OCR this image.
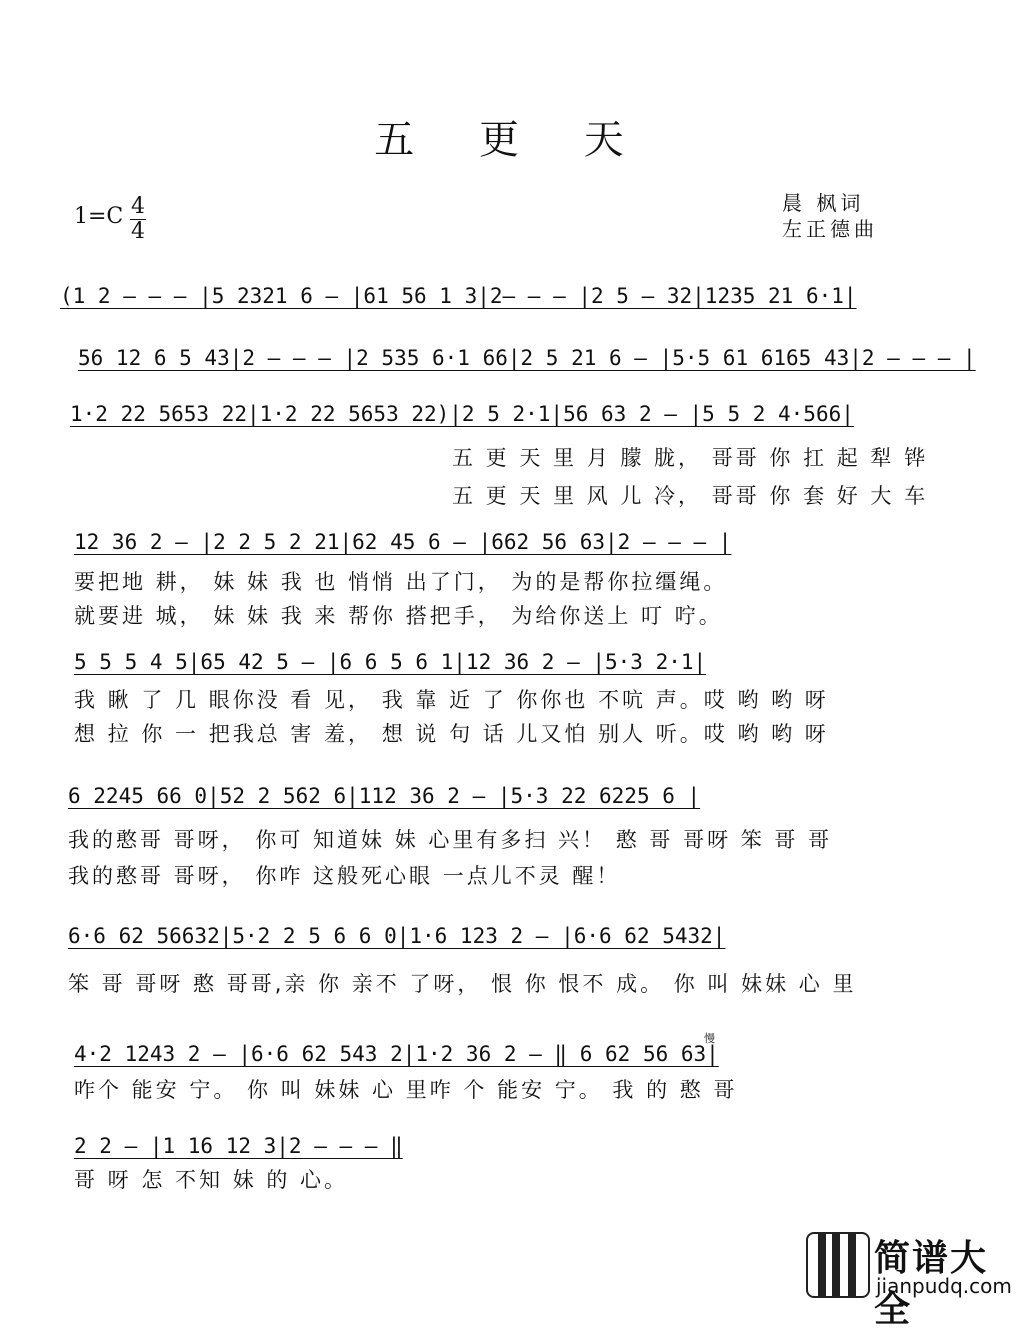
五 更 天
1=C 4
4
晨 枫词
左正德曲
(1 2 — — — |5 2321 6 — |61 56 1 3|2— — — |2 5 — 32|1235 21 6·1|
56 12 6 5 43|2 — — — |2 535 6·1 66|2 5 21 6 — |5·5 61 6165 43|2 — — — |
1·2 22 5653 22|1·2 22 5653 22)|2 5 2·1|56 63 2 — |5 5 2 4·566|
五 更 天 里 月 朦 胧， 哥哥 你 扛 起 犁 铧
五 更 天 里 风 儿 冷， 哥哥 你 套 好 大 车
12 36 2 — |2 2 5 2 21|62 45 6 — |662 56 63|2 — — — |
要把地 耕， 妹 妹 我 也 悄悄 出了门， 为的是帮你拉缰绳。
就要进 城， 妹 妹 我 来 帮你 搭把手， 为给你送上 叮 咛。
5 5 5 4 5|65 42 5 — |6 6 5 6 1|12 36 2 — |5·3 2·1|
我 瞅 了 几 眼你没 看 见， 我 靠 近 了 你你也 不吭 声。哎 哟 哟 呀
想 拉 你 一 把我总 害 羞， 想 说 句 话 儿又怕 别人 听。哎 哟 哟 呀
6 2245 66 0|52 2 562 6|112 36 2 — |5·3 22 6225 6 |
我的憨哥 哥呀， 你可 知道妹 妹 心里有多扫 兴！ 憨 哥 哥呀 笨 哥 哥
我的憨哥 哥呀， 你咋 这般死心眼 一点儿不灵 醒！
6·6 62 56632|5·2 2 5 6 6 0|1·6 123 2 — |6·6 62 5432|
笨 哥 哥呀 憨 哥哥,亲 你 亲不 了呀， 恨 你 恨不 成。 你 叫 妹妹 心 里
4·2 1243 2 — |6·6 62 543 2|1·2 36 2 — ‖ 6 62 56 63|
慢
咋个 能安 宁。 你 叫 妹妹 心 里咋 个 能安 宁。 我 的 憨 哥
2 2 — |1 16 12 3|2 — — — ‖
哥 呀 怎 不知 妹 的 心。
简谱大全
jianpudq.com
